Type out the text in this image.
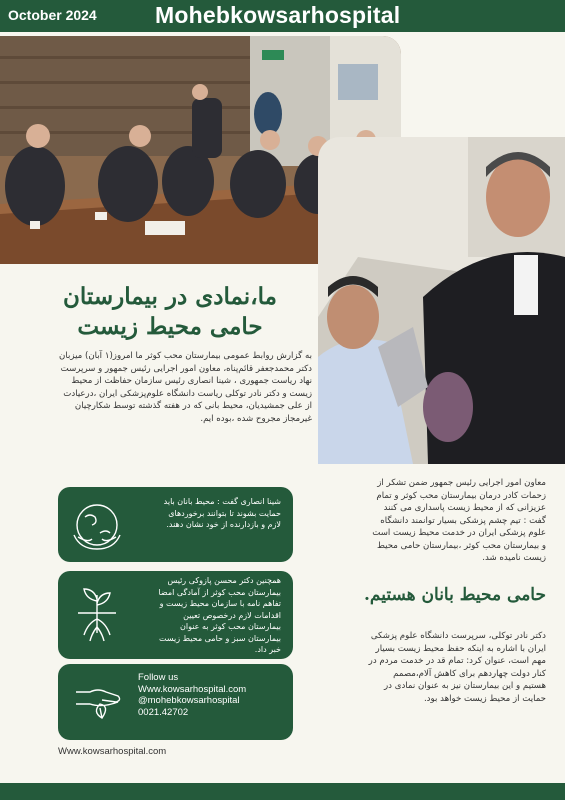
October 2024	Mohebkowsarhospital
ما،نمادی در بیمارستان
حامی محیط زیست
به گزارش روابط عمومی بیمارستان محب کوثر ما امروز(۱ آبان) میزبان
دکتر محمدجعفر قائم‌پناه، معاون امور اجرایی رئیس جمهور و سرپرست
نهاد ریاست جمهوری ، شینا انصاری رئیس سازمان حفاظت از محیط
زیست و دکتر نادر توکلی ریاست دانشگاه علوم‌پزشکی ایران ،درعیادت
از علی جمشیدیان، محیط بانی که در هفته گذشته توسط شکارچیان
غیرمجاز مجروح شده ،بوده ایم.
معاون امور اجرایی رئیس جمهور ضمن تشکر از
زحمات کادر درمان بیمارستان محب کوثر و تمام
عزیزانی که از محیط زیست پاسداری می کنند
گفت : تیم چشم پزشکی بسیار توانمند دانشگاه
علوم پزشکی ایران در خدمت محیط زیست است
و بیمارستان محب کوثر ،بیمارستان حامی محیط
زیست نامیده شد.
حامی محیط بانان هستیم.
دکتر نادر توکلی، سرپرست دانشگاه علوم پزشکی
ایران با اشاره به اینکه حفظ محیط زیست بسیار
مهم است، عنوان کرد: تمام قد در خدمت مردم در
کنار دولت چهاردهم برای کاهش آلام،مصمم
هستیم و این بیمارستان نیز به عنوان نمادی در
حمایت از محیط زیست خواهد بود.
شینا انصاری گفت : محیط بانان باید
حمایت بشوند تا بتوانند برخوردهای
لازم و بازدارنده از خود نشان دهند.
همچنین دکتر محسن پازوکی رئیس
بیمارستان محب کوثر از آمادگی امضا
تفاهم نامه با سازمان محیط زیست و
اقدامات لازم درخصوص تعیین
بیمارستان محب کوثر به عنوان
بیمارستان سبز و حامی محیط زیست
خبر داد.
Follow us
Www.kowsarhospital.com
@mohebkowsarhospital
0021.42702
Www.kowsarhospital.com
